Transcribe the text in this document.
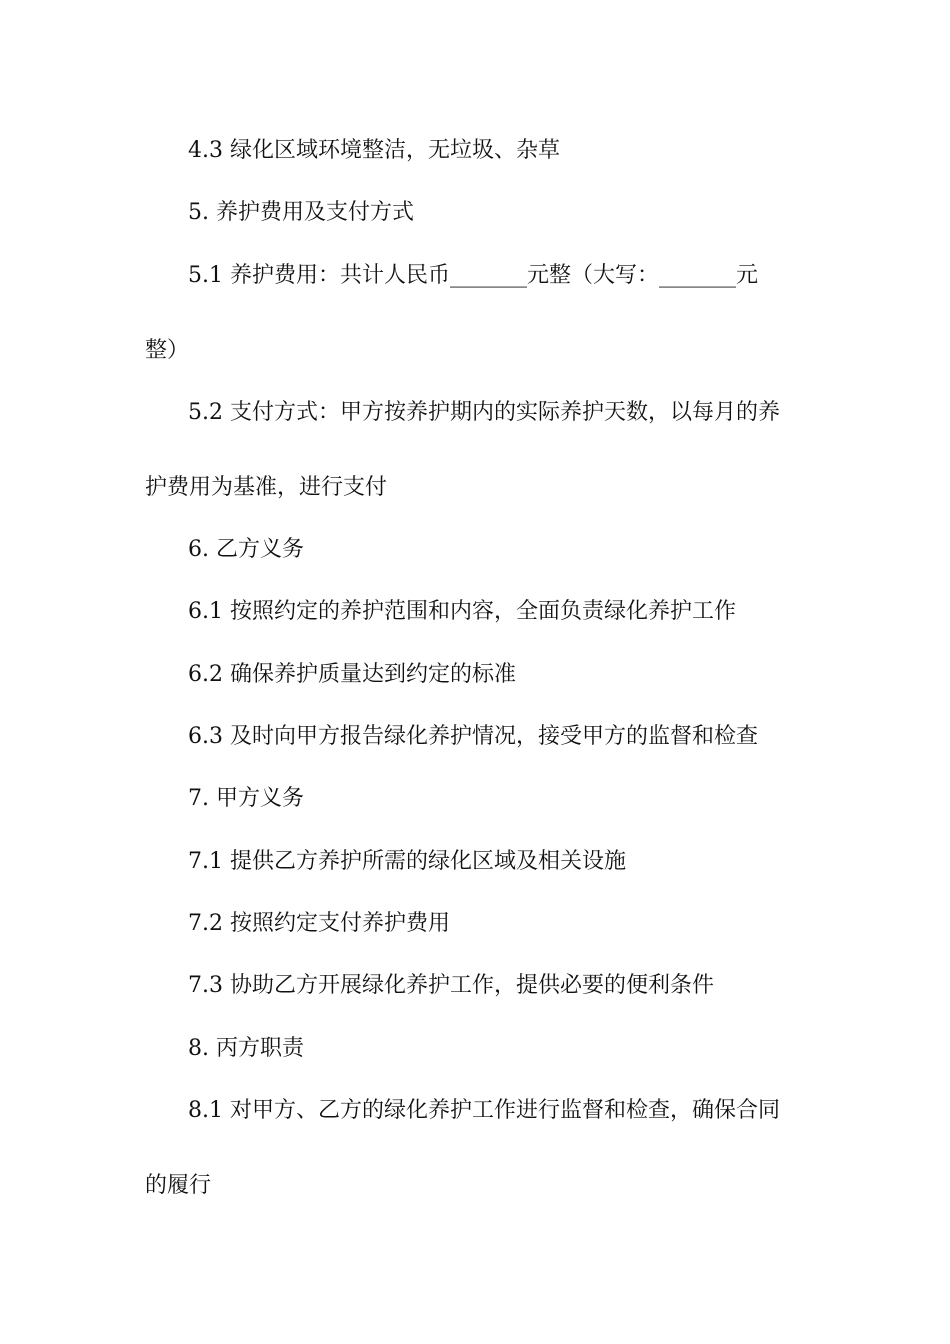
4.3 绿化区域环境整洁，无垃圾、杂草
5. 养护费用及支付方式
5.1 养护费用：共计人民币_______元整（大写：_______元
整）
5.2 支付方式：甲方按养护期内的实际养护天数，以每月的养
护费用为基准，进行支付
6. 乙方义务
6.1 按照约定的养护范围和内容，全面负责绿化养护工作
6.2 确保养护质量达到约定的标准
6.3 及时向甲方报告绿化养护情况，接受甲方的监督和检查
7. 甲方义务
7.1 提供乙方养护所需的绿化区域及相关设施
7.2 按照约定支付养护费用
7.3 协助乙方开展绿化养护工作，提供必要的便利条件
8. 丙方职责
8.1 对甲方、乙方的绿化养护工作进行监督和检查，确保合同
的履行
